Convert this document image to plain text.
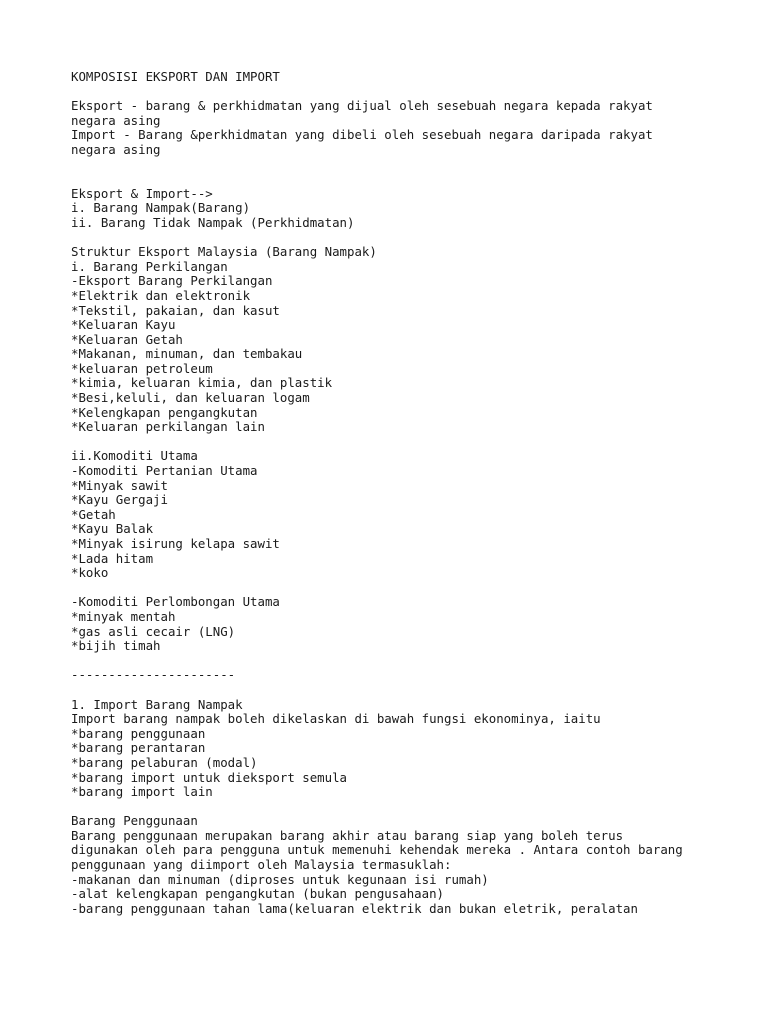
KOMPOSISI EKSPORT DAN IMPORT
Eksport - barang & perkhidmatan yang dijual oleh sesebuah negara kepada rakyat
negara asing
Import - Barang &perkhidmatan yang dibeli oleh sesebuah negara daripada rakyat
negara asing
Eksport & Import-->
i. Barang Nampak(Barang)
ii. Barang Tidak Nampak (Perkhidmatan)
Struktur Eksport Malaysia (Barang Nampak)
i. Barang Perkilangan
-Eksport Barang Perkilangan
*Elektrik dan elektronik
*Tekstil, pakaian, dan kasut
*Keluaran Kayu
*Keluaran Getah
*Makanan, minuman, dan tembakau
*keluaran petroleum
*kimia, keluaran kimia, dan plastik
*Besi,keluli, dan keluaran logam
*Kelengkapan pengangkutan
*Keluaran perkilangan lain
ii.Komoditi Utama
-Komoditi Pertanian Utama
*Minyak sawit
*Kayu Gergaji
*Getah
*Kayu Balak
*Minyak isirung kelapa sawit
*Lada hitam
*koko
-Komoditi Perlombongan Utama
*minyak mentah
*gas asli cecair (LNG)
*bijih timah
----------------------
1. Import Barang Nampak
Import barang nampak boleh dikelaskan di bawah fungsi ekonominya, iaitu
*barang penggunaan
*barang perantaran
*barang pelaburan (modal)
*barang import untuk dieksport semula
*barang import lain
Barang Penggunaan
Barang penggunaan merupakan barang akhir atau barang siap yang boleh terus
digunakan oleh para pengguna untuk memenuhi kehendak mereka . Antara contoh barang
penggunaan yang diimport oleh Malaysia termasuklah:
-makanan dan minuman (diproses untuk kegunaan isi rumah)
-alat kelengkapan pengangkutan (bukan pengusahaan)
-barang penggunaan tahan lama(keluaran elektrik dan bukan eletrik, peralatan
